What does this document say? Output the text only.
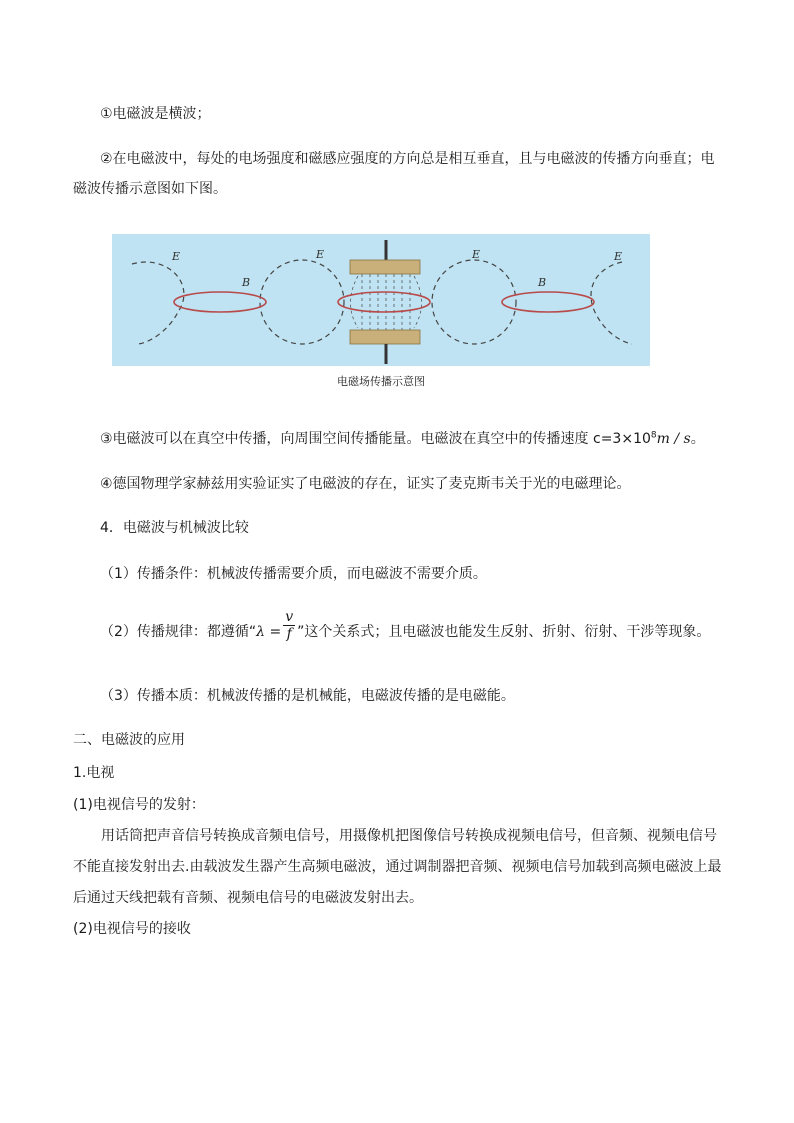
①电磁波是横波；
②在电磁波中，每处的电场强度和磁感应强度的方向总是相互垂直，且与电磁波的传播方向垂直；电
磁波传播示意图如下图。
E	E	E	E
B	B
电磁场传播示意图
③电磁波可以在真空中传播，向周围空间传播能量。电磁波在真空中的传播速度 $c=3\times 10^8m / s$。
④德国物理学家赫兹用实验证实了电磁波的存在，证实了麦克斯韦关于光的电磁理论。
4．电磁波与机械波比较
（1）传播条件：机械波传播需要介质，而电磁波不需要介质。
（2）传播规律：都遵循“$\lambda = \frac{v}{f}$ ”这个关系式；且电磁波也能发生反射、折射、衍射、干涉等现象。
（3）传播本质：机械波传播的是机械能，电磁波传播的是电磁能。
二、电磁波的应用
1.电视
(1)电视信号的发射：
用话筒把声音信号转换成音频电信号，用摄像机把图像信号转换成视频电信号，但音频、视频电信号
不能直接发射出去.由载波发生器产生高频电磁波，通过调制器把音频、视频电信号加载到高频电磁波上最
后通过天线把载有音频、视频电信号的电磁波发射出去。
(2)电视信号的接收
